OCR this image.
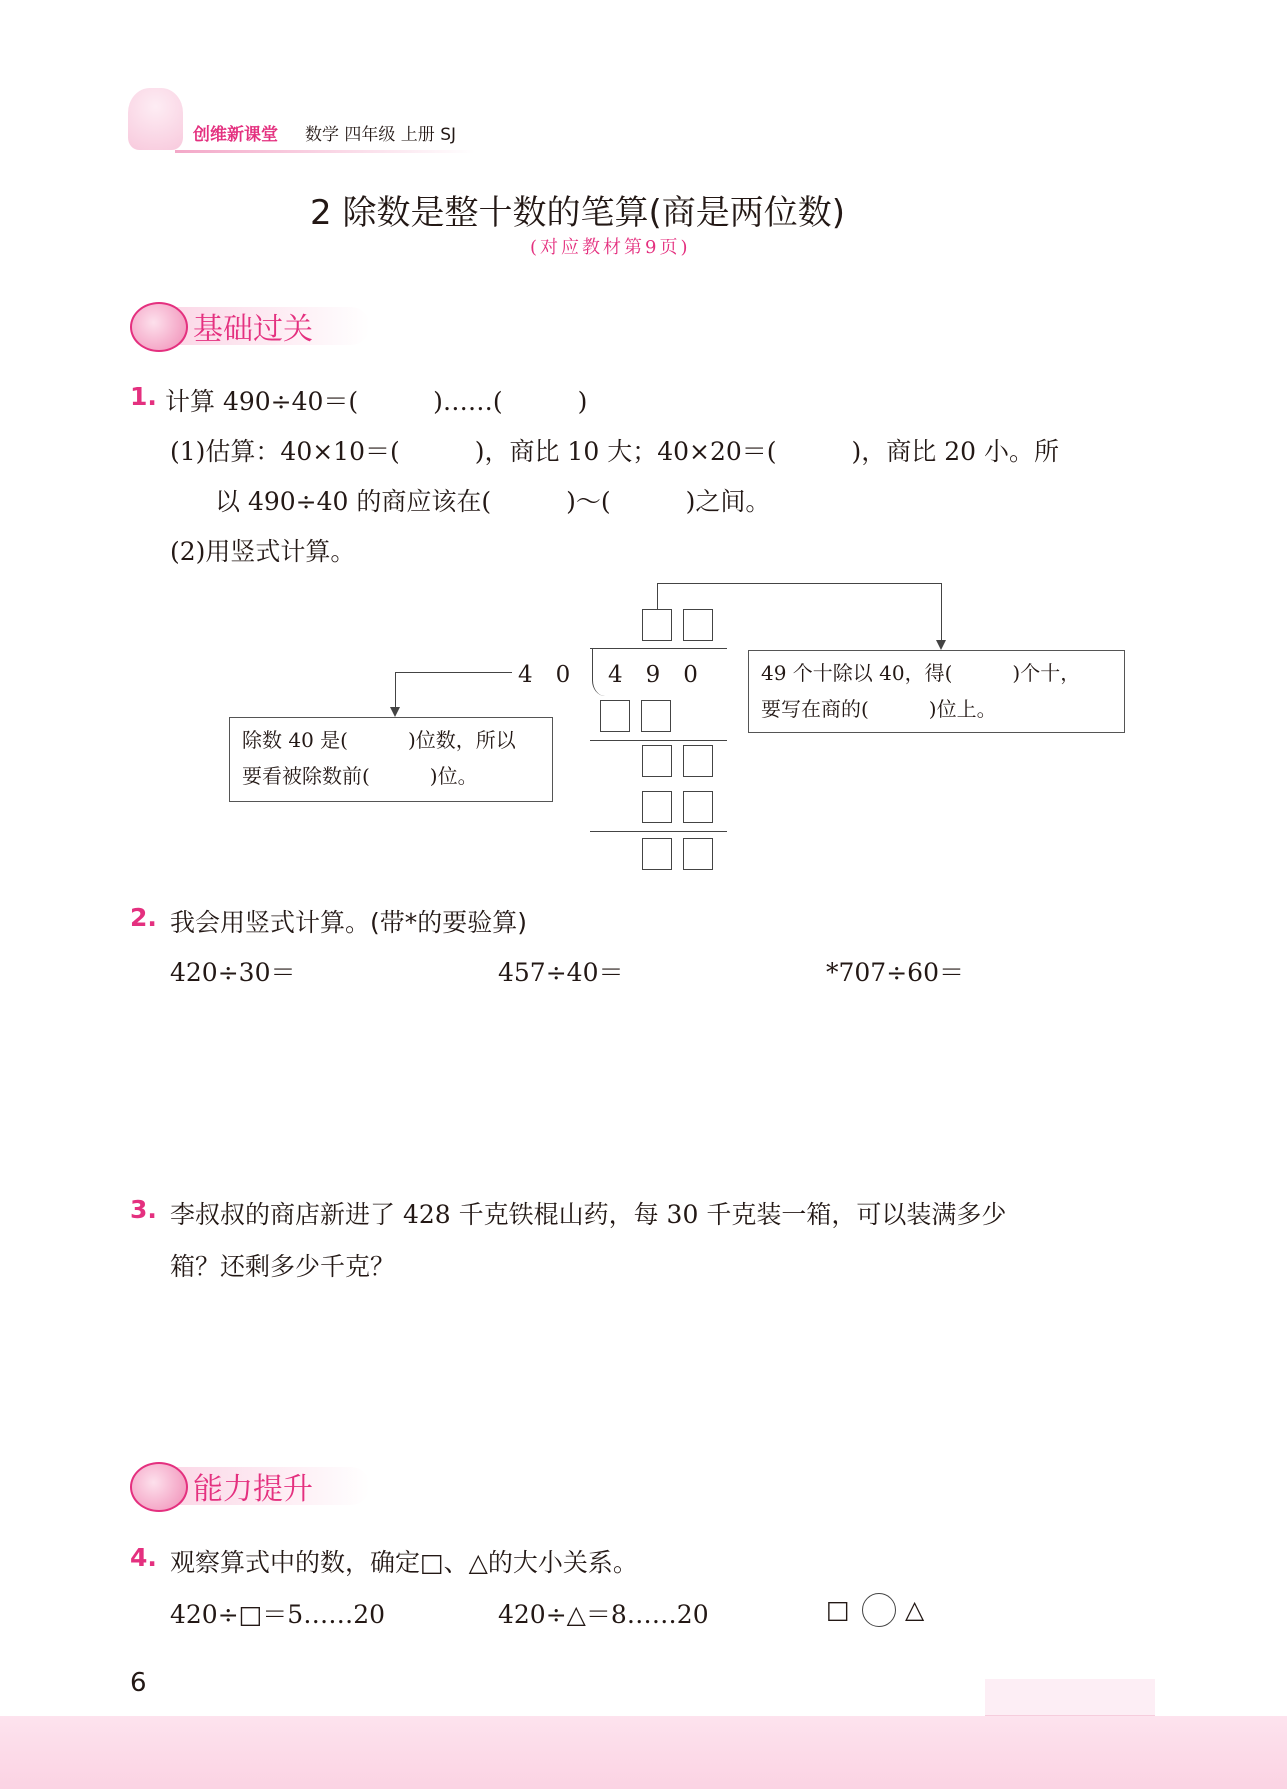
创维新课堂 数学 四年级 上册 SJ
2 除数是整十数的笔算(商是两位数)
(对应教材第9页)
基础过关
1. 计算 490÷40＝(　　　)……(　　　)
(1)估算：40×10＝(　　　)，商比 10 大；40×20＝(　　　)，商比 20 小。所
以 490÷40 的商应该在(　　　)～(　　　)之间。
(2)用竖式计算。
4　0 4　9　0
除数 40 是(　　　)位数，所以
要看被除数前(　　　)位。
49 个十除以 40，得(　　　)个十，
要写在商的(　　　)位上。
2. 我会用竖式计算。(带*的要验算)
420÷30＝	457÷40＝	*707÷60＝
3. 李叔叔的商店新进了 428 千克铁棍山药，每 30 千克装一箱，可以装满多少
箱？还剩多少千克？
能力提升
4. 观察算式中的数，确定□、△的大小关系。
420÷□＝5……20	420÷△＝8……20	□ △
6
